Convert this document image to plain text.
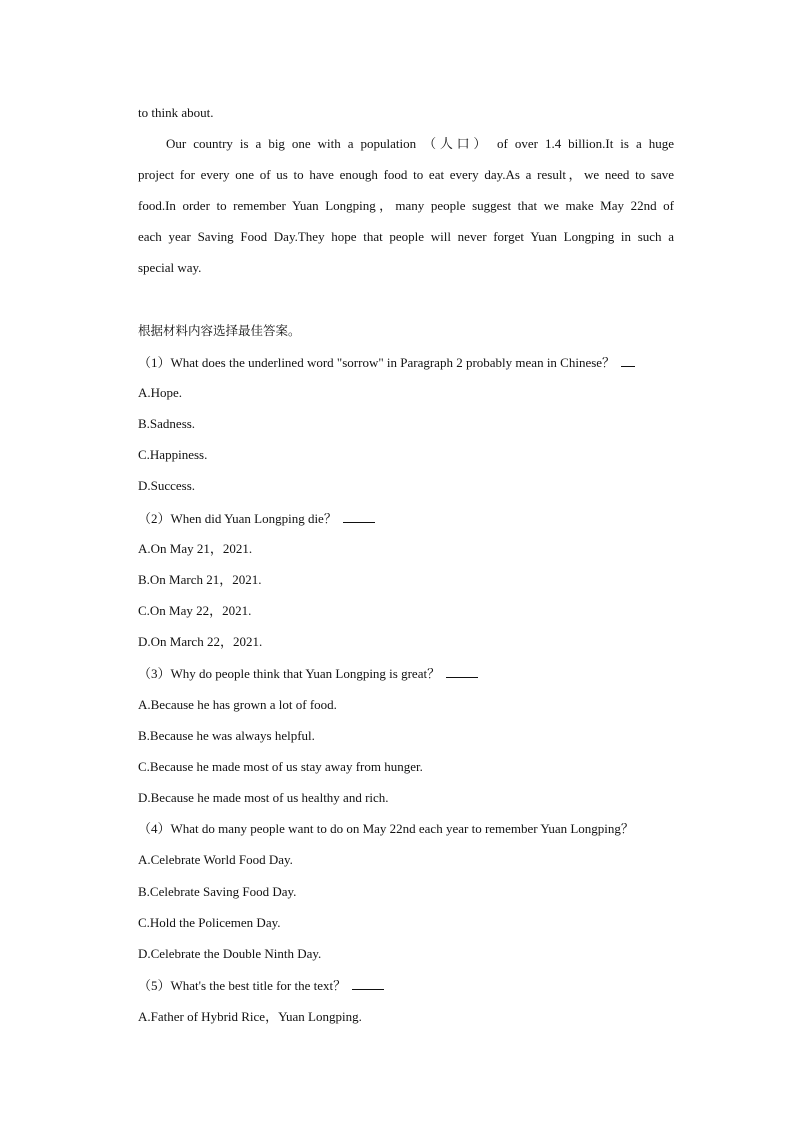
to think about.
Our country is a big one with a population （人口） of over 1.4 billion.It is a huge
project for every one of us to have enough food to eat every day.As a result，we need to save
food.In order to remember Yuan Longping，many people suggest that we make May 22nd of
each year Saving Food Day.They hope that people will never forget Yuan Longping in such a
special way.
根据材料内容选择最佳答案。
（1）What does the underlined word "sorrow" in Paragraph 2 probably mean in Chinese？
A.Hope.
B.Sadness.
C.Happiness.
D.Success.
（2）When did Yuan Longping die？
A.On May 21，2021.
B.On March 21，2021.
C.On May 22，2021.
D.On March 22，2021.
（3）Why do people think that Yuan Longping is great？
A.Because he has grown a lot of food.
B.Because he was always helpful.
C.Because he made most of us stay away from hunger.
D.Because he made most of us healthy and rich.
（4）What do many people want to do on May 22nd each year to remember Yuan Longping？
A.Celebrate World Food Day.
B.Celebrate Saving Food Day.
C.Hold the Policemen Day.
D.Celebrate the Double Ninth Day.
（5）What's the best title for the text？
A.Father of Hybrid Rice，Yuan Longping.
